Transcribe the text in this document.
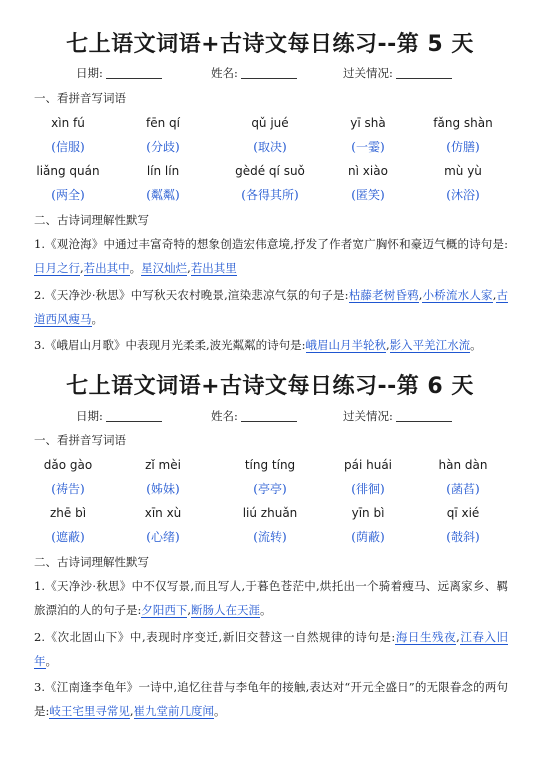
七上语文词语+古诗文每日练习--第 5 天
日期:	姓名:	过关情况:
一、看拼音写词语
xìn fú	fēn qí	qǔ jué	yī shà	fǎng shàn
(信服)	(分歧)	(取决)	(一霎)	(仿膳)
liǎng quán	lín lín	gèdé qí suǒ	nì xiào	mù yù
(两全)	(粼粼)	(各得其所)	(匿笑)	(沐浴)
二、古诗词理解性默写
1.《观沧海》中通过丰富奇特的想象创造宏伟意境,抒发了作者宽广胸怀和豪迈气概的诗句是:日月之行,若出其中。星汉灿烂,若出其里
2.《天净沙·秋思》中写秋天农村晚景,渲染悲凉气氛的句子是:枯藤老树昏鸦,小桥流水人家,古道西风瘦马。
3.《峨眉山月歌》中表现月光柔柔,波光粼粼的诗句是:峨眉山月半轮秋,影入平羌江水流。
七上语文词语+古诗文每日练习--第 6 天
日期:	姓名:	过关情况:
一、看拼音写词语
dǎo gào	zǐ mèi	tíng tíng	pái huái	hàn dàn
(祷告)	(姊妹)	(亭亭)	(徘徊)	(菡萏)
zhē bì	xīn xù	liú zhuǎn	yīn bì	qī xié
(遮蔽)	(心绪)	(流转)	(荫蔽)	(攲斜)
二、古诗词理解性默写
1.《天净沙·秋思》中不仅写景,而且写人,于暮色苍茫中,烘托出一个骑着瘦马、远离家乡、羁旅漂泊的人的句子是:夕阳西下,断肠人在天涯。
2.《次北固山下》中,表现时序变迁,新旧交替这一自然规律的诗句是:海日生残夜,江春入旧年。
3.《江南逢李龟年》一诗中,追忆往昔与李龟年的接触,表达对“开元全盛日”的无限眷念的两句是:岐王宅里寻常见,崔九堂前几度闻。
